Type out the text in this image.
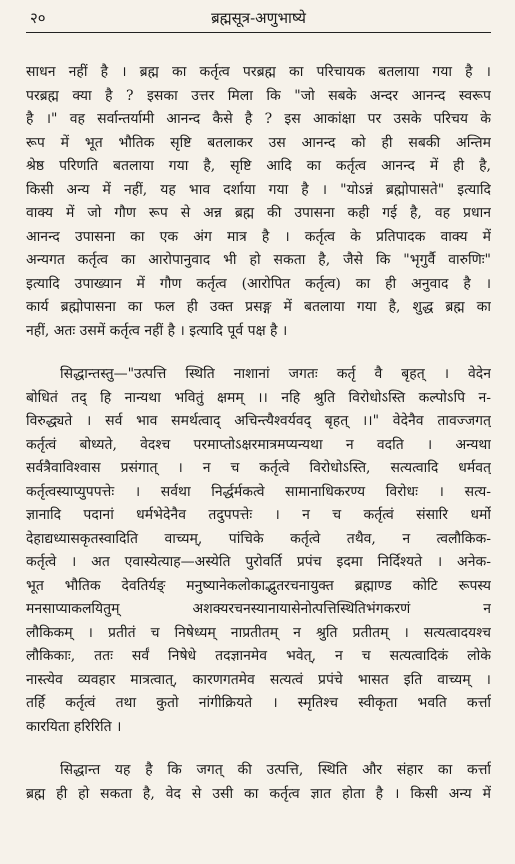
२०	ब्रह्मसूत्र-अणुभाष्ये
साधन नहीं है । ब्रह्म का कर्तृत्व परब्रह्म का परिचायक बतलाया गया है ।
परब्रह्म क्या है ? इसका उत्तर मिला कि "जो सबके अन्दर आनन्द स्वरूप
है ।" वह सर्वान्तर्यामी आनन्द कैसे है ? इस आकांक्षा पर उसके परिचय के
रूप में भूत भौतिक सृष्टि बतलाकर उस आनन्द को ही सबकी अन्तिम
श्रेष्ठ परिणति बतलाया गया है, सृष्टि आदि का कर्तृत्व आनन्द में ही है,
किसी अन्य में नहीं, यह भाव दर्शाया गया है । "योऽन्नं ब्रह्मोपासते" इत्यादि
वाक्य में जो गौण रूप से अन्न ब्रह्म की उपासना कही गई है, वह प्रधान
आनन्द उपासना का एक अंग मात्र है । कर्तृत्व के प्रतिपादक वाक्य में
अन्यगत कर्तृत्व का आरोपानुवाद भी हो सकता है, जैसे कि "भृगुर्वै वारुणिः"
इत्यादि उपाख्यान में गौण कर्तृत्व (आरोपित कर्तृत्व) का ही अनुवाद है ।
कार्य ब्रह्मोपासना का फल ही उक्त प्रसङ्ग में बतलाया गया है, शुद्ध ब्रह्म का
नहीं, अतः उसमें कर्तृत्व नहीं है । इत्यादि पूर्व पक्ष है ।
सिद्धान्तस्तु—"उत्पत्ति स्थिति नाशानां जगतः कर्तृ वै बृहत् । वेदेन
बोधितं तद् हि नान्यथा भवितुं क्षमम् ।। नहि श्रुति विरोधोऽस्ति कल्पोऽपि न-
विरुद्ध्यते । सर्व भाव समर्थत्वाद् अचिन्त्यैश्वर्यवद् बृहत् ।।" वेदेनैव तावज्जगत्
कर्तृत्वं बोध्यते, वेदश्च परमाप्तोऽक्षरमात्रमप्यन्यथा न वदति । अन्यथा
सर्वत्रैवाविश्वास प्रसंगात् । न च कर्तृत्वे विरोधोऽस्ति, सत्यत्वादि धर्मवत्
कर्तृत्वस्याप्युपपत्तेः । सर्वथा निर्द्धर्मकत्वे सामानाधिकरण्य विरोधः । सत्य-
ज्ञानादि पदानां धर्मभेदेनैव तदुपपत्तेः । न च कर्तृत्वं संसारि धर्मो
देहाद्यध्यासकृतस्वादिति वाच्यम्, पांचिके कर्तृत्वे तथैव, न त्वलौकिक-
कर्तृत्वे । अत एवास्येत्याह—अस्येति पुरोवर्ति प्रपंच इदमा निर्दिश्यते । अनेक-
भूत भौतिक देवतिर्यङ् मनुष्यानेकलोकाद्भुतरचनायुक्त ब्रह्माण्ड कोटि रूपस्य
मनसाप्याकलयितुम् अशक्यरचनस्यानायासेनोत्पत्तिस्थितिभंगकरणं न
लौकिकम् । प्रतीतं च निषेध्यम् नाप्रतीतम् न श्रुति प्रतीतम् । सत्यत्वादयश्च
लौकिकाः, ततः सर्वं निषेधे तदज्ञानमेव भवेत्, न च सत्यत्वादिकं लोके
नास्त्येव व्यवहार मात्रत्वात्, कारणगतमेव सत्यत्वं प्रपंचे भासत इति वाच्यम् ।
तर्हि कर्तृत्वं तथा कुतो नांगीक्रियते । स्मृतिश्च स्वीकृता भवति कर्त्ता
कारयिता हरिरिति ।
सिद्धान्त यह है कि जगत् की उत्पत्ति, स्थिति और संहार का कर्त्ता
ब्रह्म ही हो सकता है, वेद से उसी का कर्तृत्व ज्ञात होता है । किसी अन्य में
